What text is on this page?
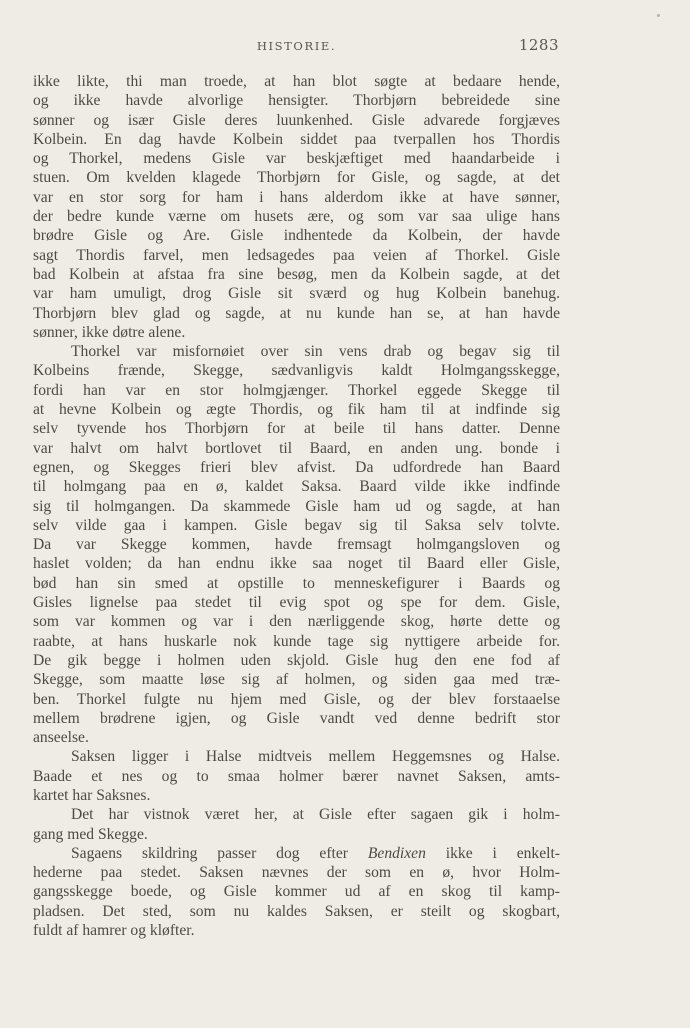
HISTORIE.	1283
ikke likte, thi man troede, at han blot søgte at bedaare hende,
og ikke havde alvorlige hensigter. Thorbjørn bebreidede sine
sønner og især Gisle deres luunkenhed. Gisle advarede forgjæves
Kolbein. En dag havde Kolbein siddet paa tverpallen hos Thordis
og Thorkel, medens Gisle var beskjæftiget med haandarbeide i
stuen. Om kvelden klagede Thorbjørn for Gisle, og sagde, at det
var en stor sorg for ham i hans alderdom ikke at have sønner,
der bedre kunde værne om husets ære, og som var saa ulige hans
brødre Gisle og Are. Gisle indhentede da Kolbein, der havde
sagt Thordis farvel, men ledsagedes paa veien af Thorkel. Gisle
bad Kolbein at afstaa fra sine besøg, men da Kolbein sagde, at det
var ham umuligt, drog Gisle sit sværd og hug Kolbein banehug.
Thorbjørn blev glad og sagde, at nu kunde han se, at han havde
sønner, ikke døtre alene.
Thorkel var misfornøiet over sin vens drab og begav sig til
Kolbeins frænde, Skegge, sædvanligvis kaldt Holmgangsskegge,
fordi han var en stor holmgjænger. Thorkel eggede Skegge til
at hevne Kolbein og ægte Thordis, og fik ham til at indfinde sig
selv tyvende hos Thorbjørn for at beile til hans datter. Denne
var halvt om halvt bortlovet til Baard, en anden ung. bonde i
egnen, og Skegges frieri blev afvist. Da udfordrede han Baard
til holmgang paa en ø, kaldet Saksa. Baard vilde ikke indfinde
sig til holmgangen. Da skammede Gisle ham ud og sagde, at han
selv vilde gaa i kampen. Gisle begav sig til Saksa selv tolvte.
Da var Skegge kommen, havde fremsagt holmgangsloven og
haslet volden; da han endnu ikke saa noget til Baard eller Gisle,
bød han sin smed at opstille to menneskefigurer i Baards og
Gisles lignelse paa stedet til evig spot og spe for dem. Gisle,
som var kommen og var i den nærliggende skog, hørte dette og
raabte, at hans huskarle nok kunde tage sig nyttigere arbeide for.
De gik begge i holmen uden skjold. Gisle hug den ene fod af
Skegge, som maatte løse sig af holmen, og siden gaa med træ-
ben. Thorkel fulgte nu hjem med Gisle, og der blev forstaaelse
mellem brødrene igjen, og Gisle vandt ved denne bedrift stor
anseelse.
Saksen ligger i Halse midtveis mellem Heggemsnes og Halse.
Baade et nes og to smaa holmer bærer navnet Saksen, amts-
kartet har Saksnes.
Det har vistnok været her, at Gisle efter sagaen gik i holm-
gang med Skegge.
Sagaens skildring passer dog efter Bendixen ikke i enkelt-
hederne paa stedet. Saksen nævnes der som en ø, hvor Holm-
gangsskegge boede, og Gisle kommer ud af en skog til kamp-
pladsen. Det sted, som nu kaldes Saksen, er steilt og skogbart,
fuldt af hamrer og kløfter.
